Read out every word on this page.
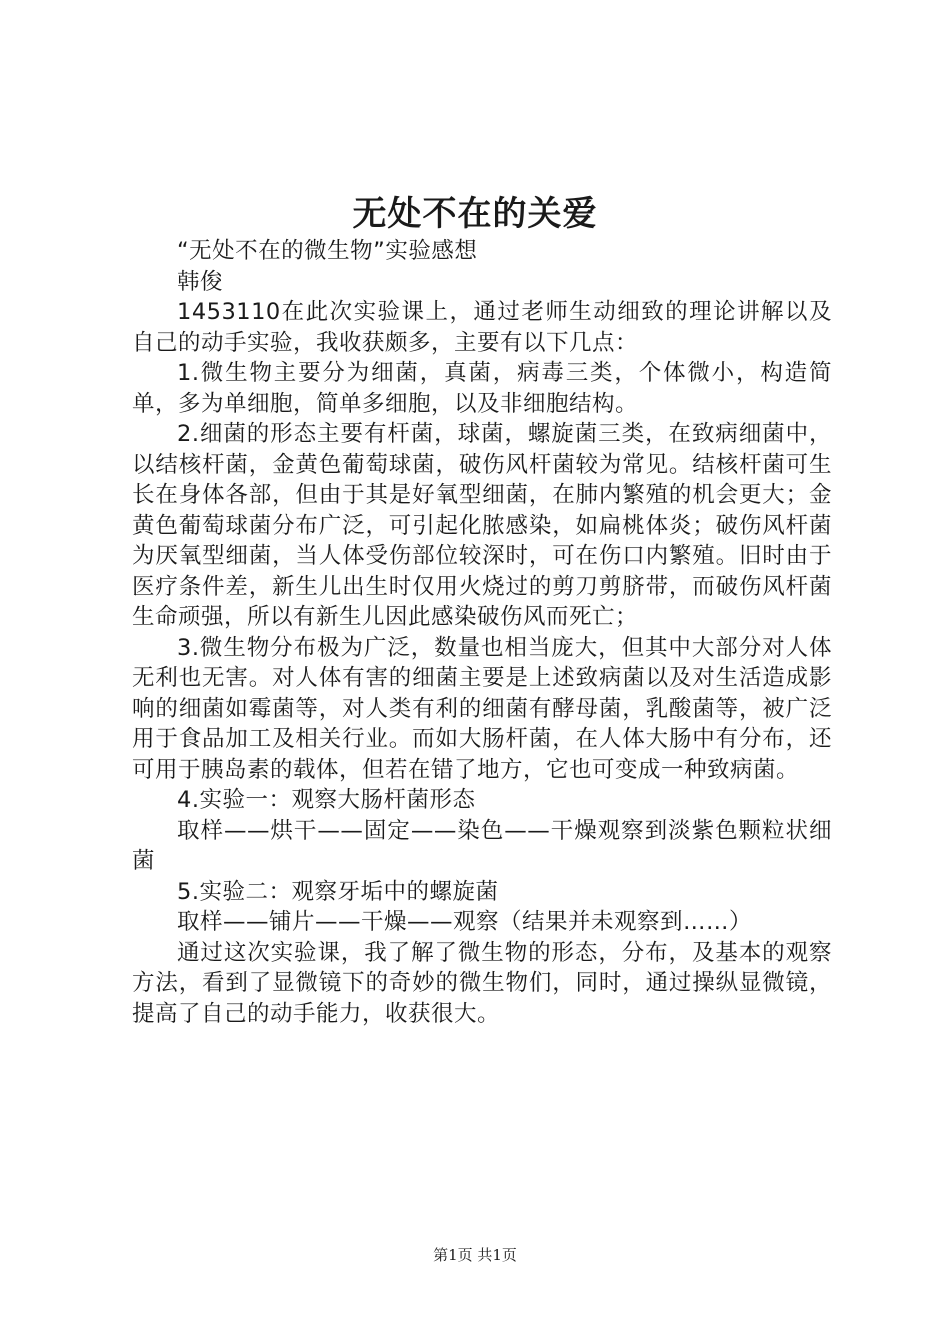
无处不在的关爱

“无处不在的微生物”实验感想

韩俊

1453110在此次实验课上，通过老师生动细致的理论讲解以及自己的动手实验，我收获颇多，主要有以下几点：

1.微生物主要分为细菌，真菌，病毒三类，个体微小，构造简单，多为单细胞，简单多细胞，以及非细胞结构。

2.细菌的形态主要有杆菌，球菌，螺旋菌三类，在致病细菌中，以结核杆菌，金黄色葡萄球菌，破伤风杆菌较为常见。结核杆菌可生长在身体各部，但由于其是好氧型细菌，在肺内繁殖的机会更大；金黄色葡萄球菌分布广泛，可引起化脓感染，如扁桃体炎；破伤风杆菌为厌氧型细菌，当人体受伤部位较深时，可在伤口内繁殖。旧时由于医疗条件差，新生儿出生时仅用火烧过的剪刀剪脐带，而破伤风杆菌生命顽强，所以有新生儿因此感染破伤风而死亡；

3.微生物分布极为广泛，数量也相当庞大，但其中大部分对人体无利也无害。对人体有害的细菌主要是上述致病菌以及对生活造成影响的细菌如霉菌等，对人类有利的细菌有酵母菌，乳酸菌等，被广泛用于食品加工及相关行业。而如大肠杆菌，在人体大肠中有分布，还可用于胰岛素的载体，但若在错了地方，它也可变成一种致病菌。

4.实验一：观察大肠杆菌形态

取样——烘干——固定——染色——干燥观察到淡紫色颗粒状细菌

5.实验二：观察牙垢中的螺旋菌

取样——铺片——干燥——观察（结果并未观察到……）

通过这次实验课，我了解了微生物的形态，分布，及基本的观察方法，看到了显微镜下的奇妙的微生物们，同时，通过操纵显微镜，提高了自己的动手能力，收获很大。

第1页 共1页
